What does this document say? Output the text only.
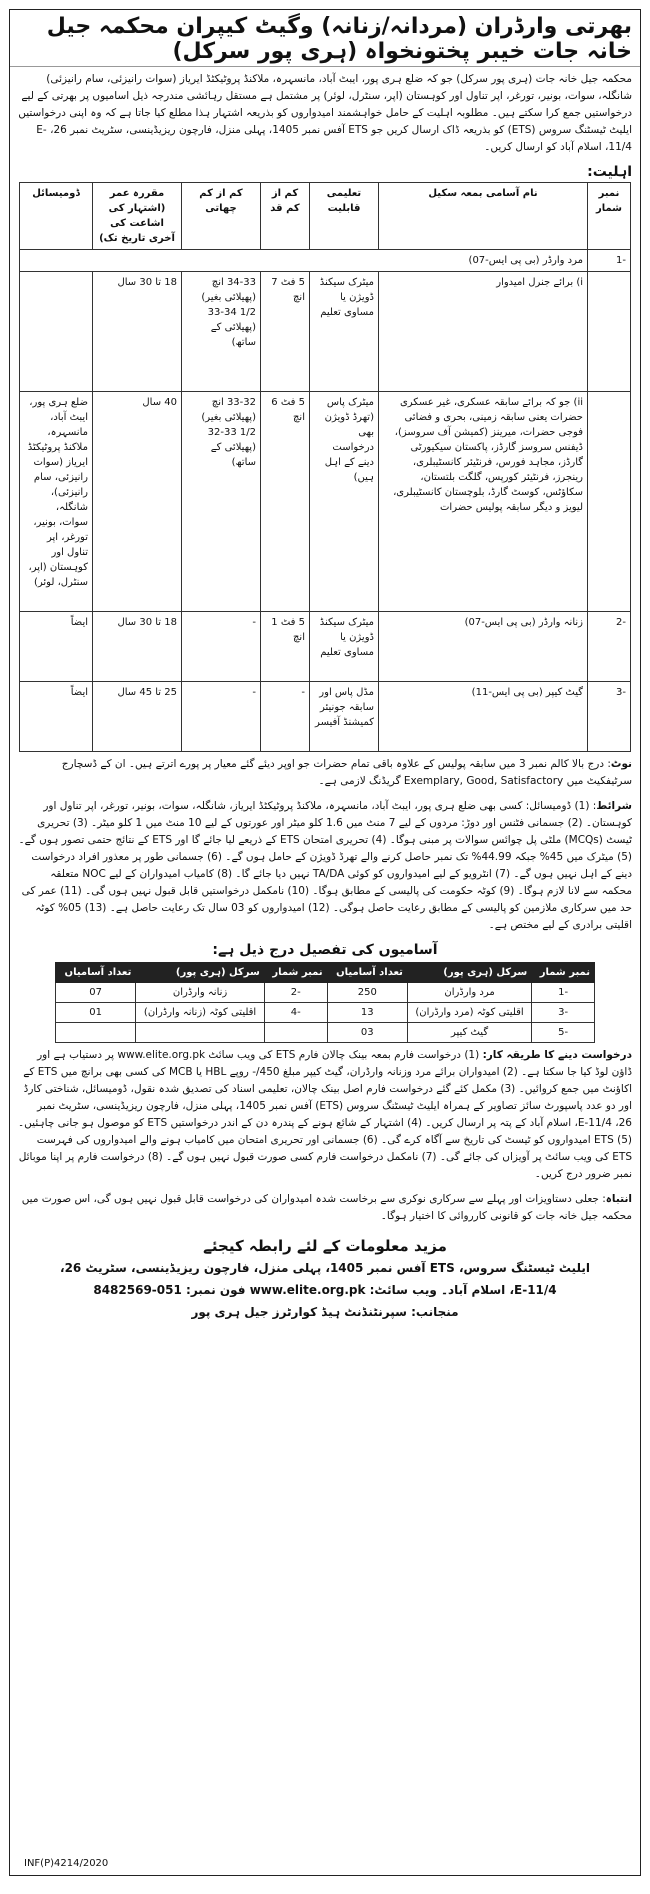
بھرتی وارڈران (مردانہ/زنانہ) وگیٹ کیپران محکمہ جیل خانہ جات خیبر پختونخواہ (ہری پور سرکل)
محکمہ جیل خانہ جات (ہری پور سرکل) جو کہ ضلع ہری پور، ایبٹ آباد، مانسہرہ، ملاکنڈ پروٹیکٹڈ ایریاز (سوات رانیزئی، سام رانیزئی) شانگلہ، سوات، بونیر، تورغر، اپر تناول اور کوہستان (اپر، سنٹرل، لوئر) پر مشتمل ہے مستقل رہائشی مندرجہ ذیل اسامیوں پر بھرتی کے لیے درخواستیں جمع کرا سکتے ہیں۔ مطلوبہ اہلیت کے حامل خواہشمند امیدواروں کو بذریعہ اشتہار ہذا مطلع کیا جاتا ہے کہ وہ اپنی درخواستیں ایلیٹ ٹیسٹنگ سروس (ETS) کو بذریعہ ڈاک ارسال کریں جو ETS آفس نمبر 1405، پہلی منزل، فارچون ریزیڈینسی، سٹریٹ نمبر 26، E-11/4، اسلام آباد کو ارسال کریں۔
اہلیت:
نمبر شمار	نام آسامی بمعہ سکیل	تعلیمی قابلیت	کم از کم قد	کم از کم چھاتی	مقررہ عمر (اشتہار کی اشاعت کی آخری تاریخ تک)	ڈومیسائل
-1	مرد وارڈر (بی پی ایس-07)					
	i) برائے جنرل امیدوار	میٹرک سیکنڈ ڈویژن یا مساوی تعلیم	5 فٹ 7 انچ	34-33 انچ (پھیلائی بغیر) 1/2 34-33 (پھیلائی کے ساتھ)	18 تا 30 سال	
	ii) جو کہ برائے سابقہ عسکری، غیر عسکری حضرات یعنی سابقہ زمینی، بحری و فضائی فوجی حضرات، میرینز (کمیشن آف سروسز)، ڈیفنس سروسز گارڈز، پاکستان سیکیورٹی گارڈز، مجاہد فورس، فرنٹیئر کانسٹیبلری، رینجرز، فرنٹیئر کورپس، گلگت بلتستان، سکاؤٹس، کوسٹ گارڈ، بلوچستان کانسٹیبلری، لیویز و دیگر سابقہ پولیس حضرات	میٹرک پاس (تھرڈ ڈویژن بھی درخواست دینے کے اہل ہیں)	5 فٹ 6 انچ	33-32 انچ (پھیلائی بغیر) 1/2 33-32 (پھیلائی کے ساتھ)	40 سال	ضلع ہری پور، ایبٹ آباد، مانسہرہ، ملاکنڈ پروٹیکٹڈ ایریاز (سوات رانیزئی، سام رانیزئی)، شانگلہ، سوات، بونیر، تورغر، اپر تناول اور کوہستان (اپر، سنٹرل، لوئر)
-2	زنانہ وارڈر (بی پی ایس-07)	میٹرک سیکنڈ ڈویژن یا مساوی تعلیم	5 فٹ 1 انچ	-	18 تا 30 سال	ایضاً
-3	گیٹ کیپر (بی پی ایس-11)	مڈل پاس اور سابقہ جونیئر کمیشنڈ آفیسر	-	-	25 تا 45 سال	ایضاً
نوٹ: درج بالا کالم نمبر 3 میں سابقہ پولیس کے علاوہ باقی تمام حضرات جو اوپر دیئے گئے معیار پر پورے اترتے ہیں۔ ان کے ڈسچارج سرٹیفکیٹ میں Exemplary, Good, Satisfactory گریڈنگ لازمی ہے۔
شرائط: (1) ڈومیسائل: کسی بھی ضلع ہری پور، ایبٹ آباد، مانسہرہ، ملاکنڈ پروٹیکٹڈ ایریاز، شانگلہ، سوات، بونیر، تورغر، اپر تناول اور کوہستان۔ (2) جسمانی فٹنس اور دوڑ: مردوں کے لیے 7 منٹ میں 1.6 کلو میٹر اور عورتوں کے لیے 10 منٹ میں 1 کلو میٹر۔ (3) تحریری ٹیسٹ (MCQs) ملٹی پل چوائس سوالات پر مبنی ہوگا۔ (4) تحریری امتحان ETS کے ذریعے لیا جائے گا اور ETS کے نتائج حتمی تصور ہوں گے۔ (5) میٹرک میں 45% جبکہ 44.99% تک نمبر حاصل کرنے والے تھرڈ ڈویژن کے حامل ہوں گے۔ (6) جسمانی طور پر معذور افراد درخواست دینے کے اہل نہیں ہوں گے۔ (7) انٹرویو کے لیے امیدواروں کو کوئی TA/DA نہیں دیا جائے گا۔ (8) کامیاب امیدواران کے لیے NOC متعلقہ محکمہ سے لانا لازم ہوگا۔ (9) کوٹہ حکومت کی پالیسی کے مطابق ہوگا۔ (10) نامکمل درخواستیں قابل قبول نہیں ہوں گی۔ (11) عمر کی حد میں سرکاری ملازمین کو پالیسی کے مطابق رعایت حاصل ہوگی۔ (12) امیدواروں کو 03 سال تک رعایت حاصل ہے۔ (13) 05% کوٹہ اقلیتی برادری کے لیے مختص ہے۔
آسامیوں کی تفصیل درج ذیل ہے:
نمبر شمار	سرکل (ہری پور)	تعداد آسامیاں	نمبر شمار	سرکل (ہری پور)	تعداد آسامیاں
-1	مرد وارڈران	250	-2	زنانہ وارڈران	07
-3	اقلیتی کوٹہ (مرد وارڈران)	13	-4	اقلیتی کوٹہ (زنانہ وارڈران)	01
-5	گیٹ کیپر	03			
درخواست دینے کا طریقہ کار: (1) درخواست فارم بمعہ بینک چالان فارم ETS کی ویب سائٹ www.elite.org.pk پر دستیاب ہے اور ڈاؤن لوڈ کیا جا سکتا ہے۔ (2) امیدواران برائے مرد وزنانہ وارڈران، گیٹ کیپر مبلغ 450/- روپے HBL یا MCB کی کسی بھی برانچ میں ETS کے اکاؤنٹ میں جمع کروائیں۔ (3) مکمل کئے گئے درخواست فارم اصل بینک چالان، تعلیمی اسناد کی تصدیق شدہ نقول، ڈومیسائل، شناختی کارڈ اور دو عدد پاسپورٹ سائز تصاویر کے ہمراہ ایلیٹ ٹیسٹنگ سروس (ETS) آفس نمبر 1405، پہلی منزل، فارچون ریزیڈینسی، سٹریٹ نمبر 26، E-11/4، اسلام آباد کے پتہ پر ارسال کریں۔ (4) اشتہار کے شائع ہونے کے پندرہ دن کے اندر درخواستیں ETS کو موصول ہو جانی چاہئیں۔ (5) ETS امیدواروں کو ٹیسٹ کی تاریخ سے آگاہ کرے گی۔ (6) جسمانی اور تحریری امتحان میں کامیاب ہونے والے امیدواروں کی فہرست ETS کی ویب سائٹ پر آویزاں کی جائے گی۔ (7) نامکمل درخواست فارم کسی صورت قبول نہیں ہوں گے۔ (8) درخواست فارم پر اپنا موبائل نمبر ضرور درج کریں۔
انتباہ: جعلی دستاویزات اور پہلے سے سرکاری نوکری سے برخاست شدہ امیدواران کی درخواست قابل قبول نہیں ہوں گی، اس صورت میں محکمہ جیل خانہ جات کو قانونی کارروائی کا اختیار ہوگا۔
مزید معلومات کے لئے رابطہ کیجئے
ایلیٹ ٹیسٹنگ سروس، ETS آفس نمبر 1405، پہلی منزل، فارچون ریزیڈینسی، سٹریٹ 26،
E-11/4، اسلام آباد۔ ویب سائٹ: www.elite.org.pk فون نمبر: 051-8482569
منجانب: سپرنٹنڈنٹ ہیڈ کوارٹرز جیل ہری پور
INF(P)4214/2020
